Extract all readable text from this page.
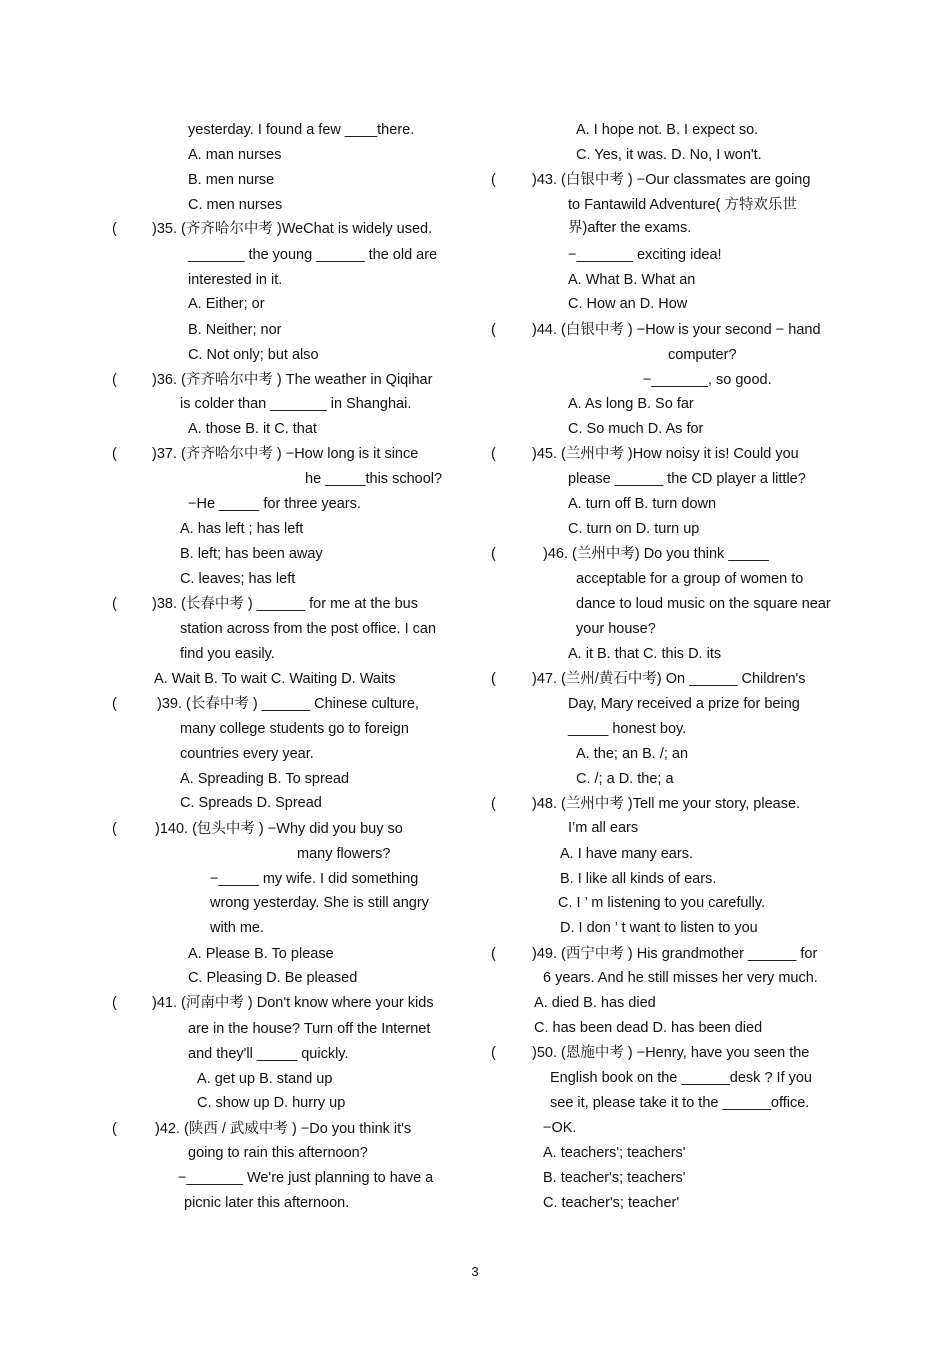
yesterday. I found a few ____there.
A. man nurses
B. men nurse
C. men nurses
( )35. (齐齐哈尔中考 )WeChat is widely used.
_______ the young ______ the old are
interested in it.
A. Either; or
B. Neither; nor
C. Not only; but also
( )36. (齐齐哈尔中考 ) The weather in Qiqihar
is colder than _______ in Shanghai.
A. those B. it C. that
( )37. (齐齐哈尔中考 ) −How long is it since
he _____this school?
−He _____ for three years.
A. has left ; has left
B. left; has been away
C. leaves; has left
( )38. (长春中考 ) ______ for me at the bus
station across from the post office. I can
find you easily.
A. Wait B. To wait C. Waiting D. Waits
(	)39. (长春中考 ) ______ Chinese culture,
many college students go to foreign
countries every year.
A. Spreading B. To spread
C. Spreads D. Spread
(	)140. (包头中考 ) −Why did you buy so
many flowers?
−_____ my wife. I did something
wrong yesterday. She is still angry
with me.
A. Please B. To please
C. Pleasing D. Be pleased
( )41. (河南中考 ) Don't know where your kids
are in the house? Turn off the Internet
and they'll _____ quickly.
A. get up B. stand up
C. show up D. hurry up
(	)42. (陕西 / 武威中考 ) −Do you think it's
going to rain this afternoon?
−_______ We're just planning to have a
picnic later this afternoon.
A. I hope not. B. I expect so.
C. Yes, it was. D. No, I won't.
( )43. (白银中考 ) −Our classmates are going
to Fantawild Adventure( 方特欢乐世
界)after the exams.
−_______ exciting idea!
A. What B. What an
C. How an D. How
( )44. (白银中考 ) −How is your second − hand
computer?
−_______, so good.
A. As long B. So far
C. So much D. As for
( )45. (兰州中考 )How noisy it is! Could you
please ______ the CD player a little?
A. turn off B. turn down
C. turn on D. turn up
(	)46. (兰州中考) Do you think _____
acceptable for a group of women to
dance to loud music on the square near
your house?
A. it B. that C. this D. its
( )47. (兰州/黄石中考) On ______ Children's
Day, Mary received a prize for being
_____ honest boy.
A. the; an B. /; an
C. /; a D. the; a
( )48. (兰州中考 )Tell me your story, please.
I’m all ears
A. I have many ears.
B. I like all kinds of ears.
C. I ’ m listening to you carefully.
D. I don ’ t want to listen to you
( )49. (西宁中考 ) His grandmother ______ for
6 years. And he still misses her very much.
A. died B. has died
C. has been dead D. has been died
( )50. (恩施中考 ) −Henry, have you seen the
English book on the ______desk ? If you
see it, please take it to the ______office.
−OK.
A. teachers'; teachers'
B. teacher's; teachers'
C. teacher's; teacher'
3
